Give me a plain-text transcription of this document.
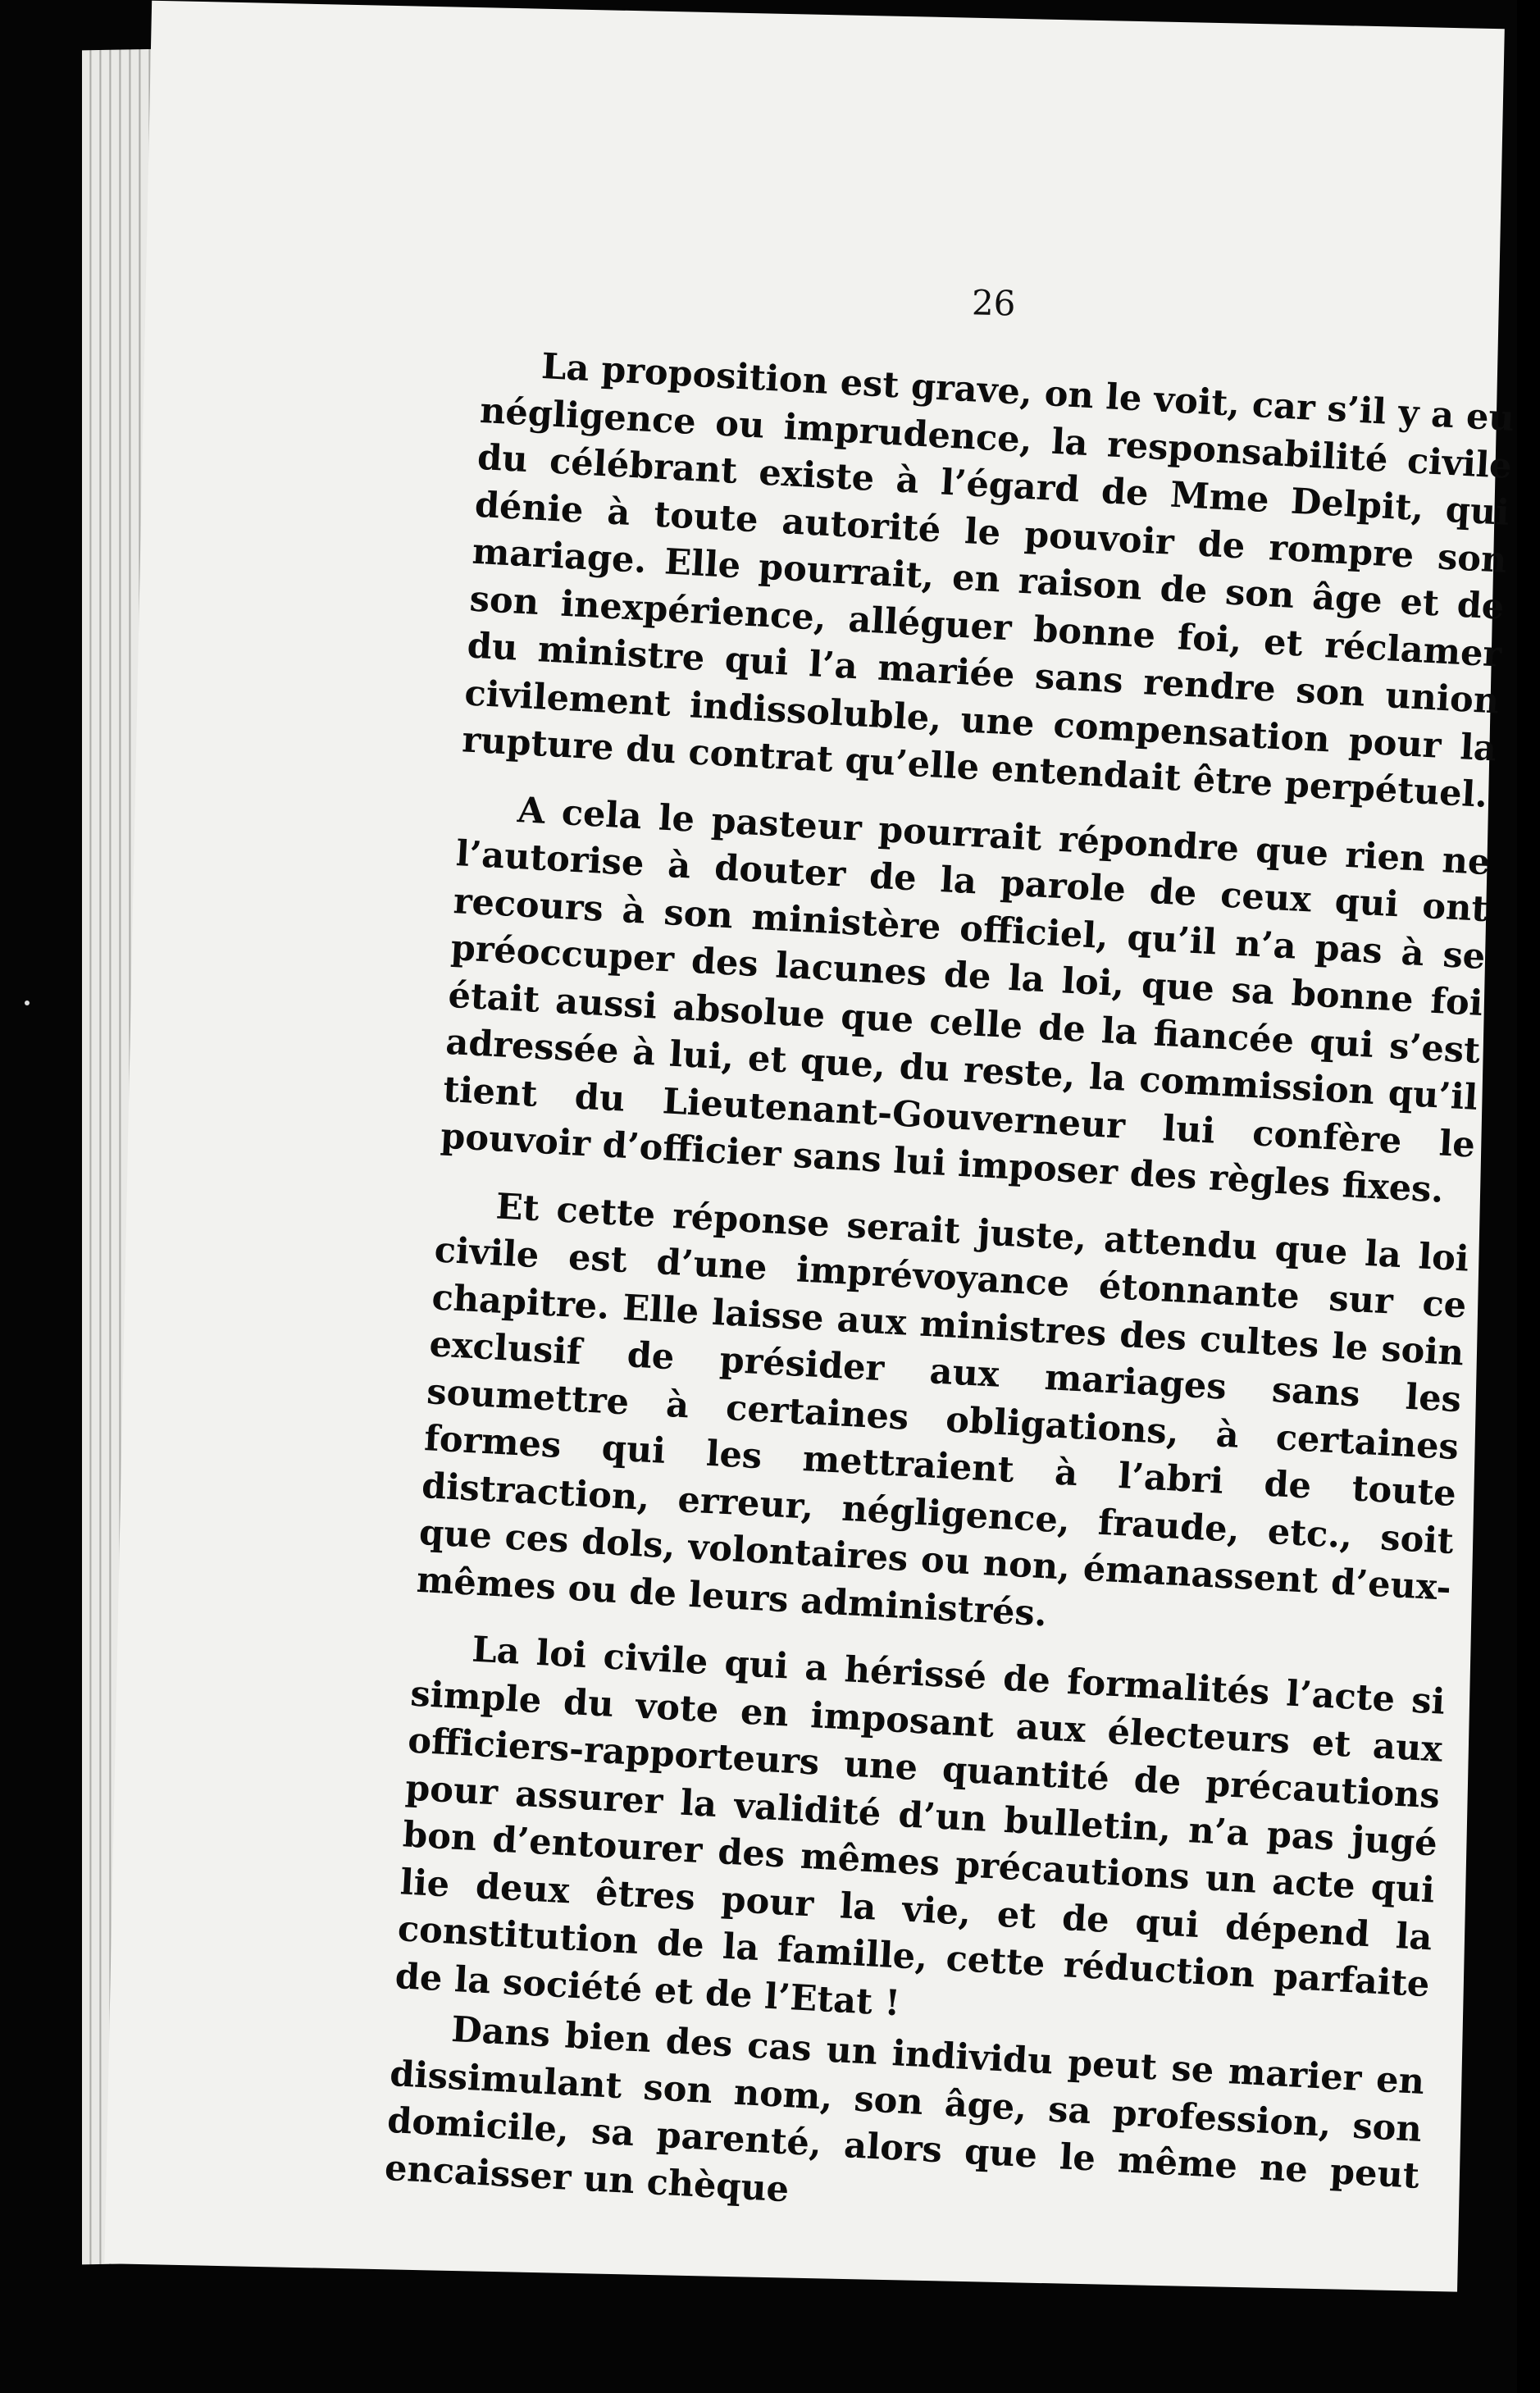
26

La proposition est grave, on le voit, car s’il y a eu négligence ou imprudence, la responsabilité civile du célébrant existe à l’égard de Mme Delpit, qui dénie à toute autorité le pouvoir de rompre son mariage. Elle pourrait, en raison de son âge et de son inexpérience, alléguer bonne foi, et réclamer du ministre qui l’a mariée sans rendre son union civilement indissoluble, une compensation pour la rupture du contrat qu’elle entendait être perpétuel.

A cela le pasteur pourrait répondre que rien ne l’autorise à douter de la parole de ceux qui ont recours à son ministère officiel, qu’il n’a pas à se préoccuper des lacunes de la loi, que sa bonne foi était aussi absolue que celle de la fiancée qui s’est adressée à lui, et que, du reste, la commission qu’il tient du Lieutenant-Gouverneur lui confère le pouvoir d’officier sans lui imposer des règles fixes.

Et cette réponse serait juste, attendu que la loi civile est d’une imprévoyance étonnante sur ce chapitre. Elle laisse aux ministres des cultes le soin exclusif de présider aux mariages sans les soumettre à certaines obligations, à certaines formes qui les mettraient à l’abri de toute distraction, erreur, négligence, fraude, etc., soit que ces dols, volontaires ou non, émanassent d’eux-mêmes ou de leurs administrés.

La loi civile qui a hérissé de formalités l’acte si simple du vote en imposant aux électeurs et aux officiers-rapporteurs une quantité de précautions pour assurer la validité d’un bulletin, n’a pas jugé bon d’entourer des mêmes précautions un acte qui lie deux êtres pour la vie, et de qui dépend la constitution de la famille, cette réduction parfaite de la société et de l’Etat !

Dans bien des cas un individu peut se marier en dissimulant son nom, son âge, sa profession, son domicile, sa parenté, alors que le même ne peut encaisser un chèque
